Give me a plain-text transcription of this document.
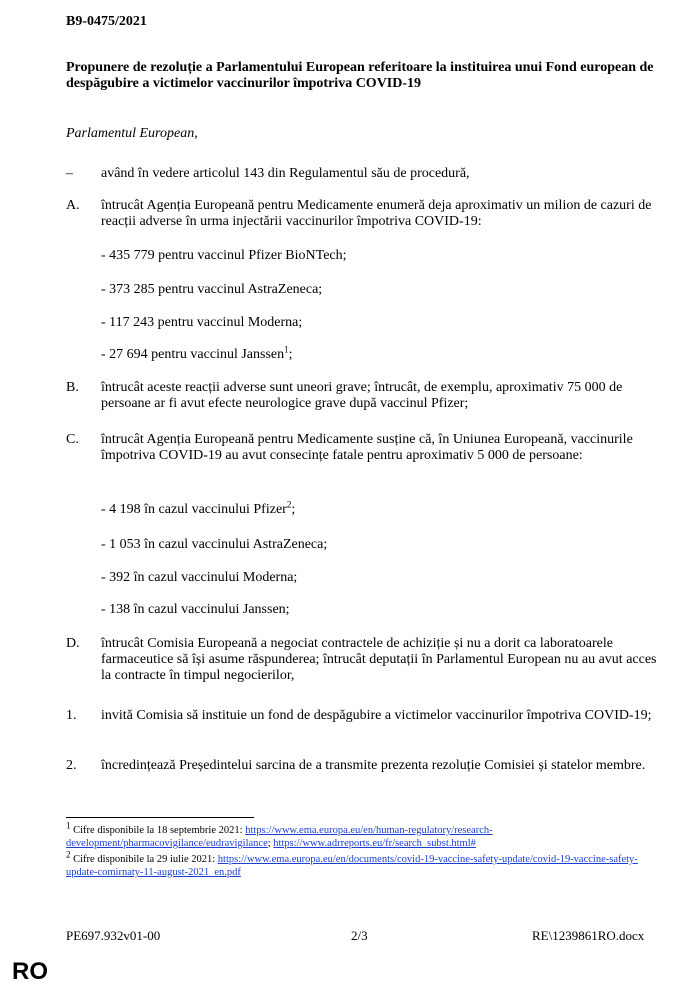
B9-0475/2021
Propunere de rezoluție a Parlamentului European referitoare la instituirea unui Fond european de despăgubire a victimelor vaccinurilor împotriva COVID-19
Parlamentul European,
–	având în vedere articolul 143 din Regulamentul său de procedură,
A.	întrucât Agenția Europeană pentru Medicamente enumeră deja aproximativ un milion de cazuri de reacții adverse în urma injectării vaccinurilor împotriva COVID-19:
- 435 779 pentru vaccinul Pfizer BioNTech;
- 373 285 pentru vaccinul AstraZeneca;
- 117 243 pentru vaccinul Moderna;
- 27 694 pentru vaccinul Janssen$^1$;
B.	întrucât aceste reacții adverse sunt uneori grave; întrucât, de exemplu, aproximativ 75 000 de persoane ar fi avut efecte neurologice grave după vaccinul Pfizer;
C.	întrucât Agenția Europeană pentru Medicamente susține că, în Uniunea Europeană, vaccinurile împotriva COVID-19 au avut consecințe fatale pentru aproximativ 5 000 de persoane:
- 4 198 în cazul vaccinului Pfizer$^2$;
- 1 053 în cazul vaccinului AstraZeneca;
- 392 în cazul vaccinului Moderna;
- 138 în cazul vaccinului Janssen;
D.	întrucât Comisia Europeană a negociat contractele de achiziție și nu a dorit ca laboratoarele farmaceutice să își asume răspunderea; întrucât deputații în Parlamentul European nu au avut acces la contracte în timpul negocierilor,
1.	invită Comisia să instituie un fond de despăgubire a victimelor vaccinurilor împotriva COVID-19;
2.	încredințează Președintelui sarcina de a transmite prezenta rezoluție Comisiei și statelor membre.
$^1$ Cifre disponibile la 18 septembrie 2021: https://www.ema.europa.eu/en/human-regulatory/research-development/pharmacovigilance/eudravigilance; https://www.adrreports.eu/fr/search_subst.html#
$^2$ Cifre disponibile la 29 iulie 2021: https://www.ema.europa.eu/en/documents/covid-19-vaccine-safety-update/covid-19-vaccine-safety-update-comirnaty-11-august-2021_en.pdf
PE697.932v01-00	2/3	RE\1239861RO.docx
RO
